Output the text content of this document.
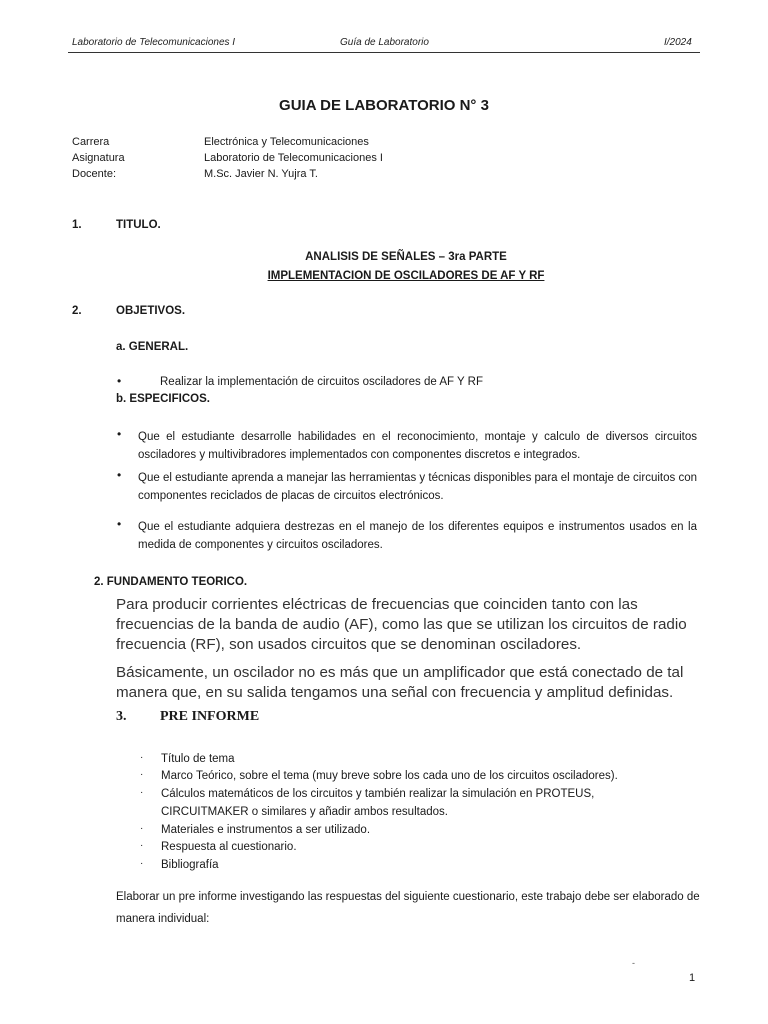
Laboratorio de Telecomunicaciones I	Guía de Laboratorio	I/2024
GUIA DE LABORATORIO N° 3
Carrera	Electrónica y Telecomunicaciones
Asignatura	Laboratorio de Telecomunicaciones I
Docente:	M.Sc. Javier N. Yujra T.
1.	TITULO.
ANALISIS DE SEÑALES – 3ra PARTE
IMPLEMENTACION DE OSCILADORES DE AF Y RF
2.	OBJETIVOS.
a. GENERAL.
•	Realizar la implementación de circuitos osciladores de AF Y RF
b. ESPECIFICOS.
• Que el estudiante desarrolle habilidades en el reconocimiento, montaje y calculo de diversos circuitos osciladores y multivibradores implementados con componentes discretos e integrados.
• Que el estudiante aprenda a manejar las herramientas y técnicas disponibles para el montaje de circuitos con componentes reciclados de placas de circuitos electrónicos.
• Que el estudiante adquiera destrezas en el manejo de los diferentes equipos e instrumentos usados en la medida de componentes y circuitos osciladores.
2. FUNDAMENTO TEORICO.
Para producir corrientes eléctricas de frecuencias que coinciden tanto con las frecuencias de la banda de audio (AF), como las que se utilizan los circuitos de radio frecuencia (RF), son usados circuitos que se denominan osciladores.
Básicamente, un oscilador no es más que un amplificador que está conectado de tal manera que, en su salida tengamos una señal con frecuencia y amplitud definidas.
3. PRE INFORME
· Título de tema
· Marco Teórico, sobre el tema (muy breve sobre los cada uno de los circuitos osciladores).
· Cálculos matemáticos de los circuitos y también realizar la simulación en PROTEUS, CIRCUITMAKER o similares y añadir ambos resultados.
· Materiales e instrumentos a ser utilizado.
· Respuesta al cuestionario.
· Bibliografía
Elaborar un pre informe investigando las respuestas del siguiente cuestionario, este trabajo debe ser elaborado de manera individual:
-
1
